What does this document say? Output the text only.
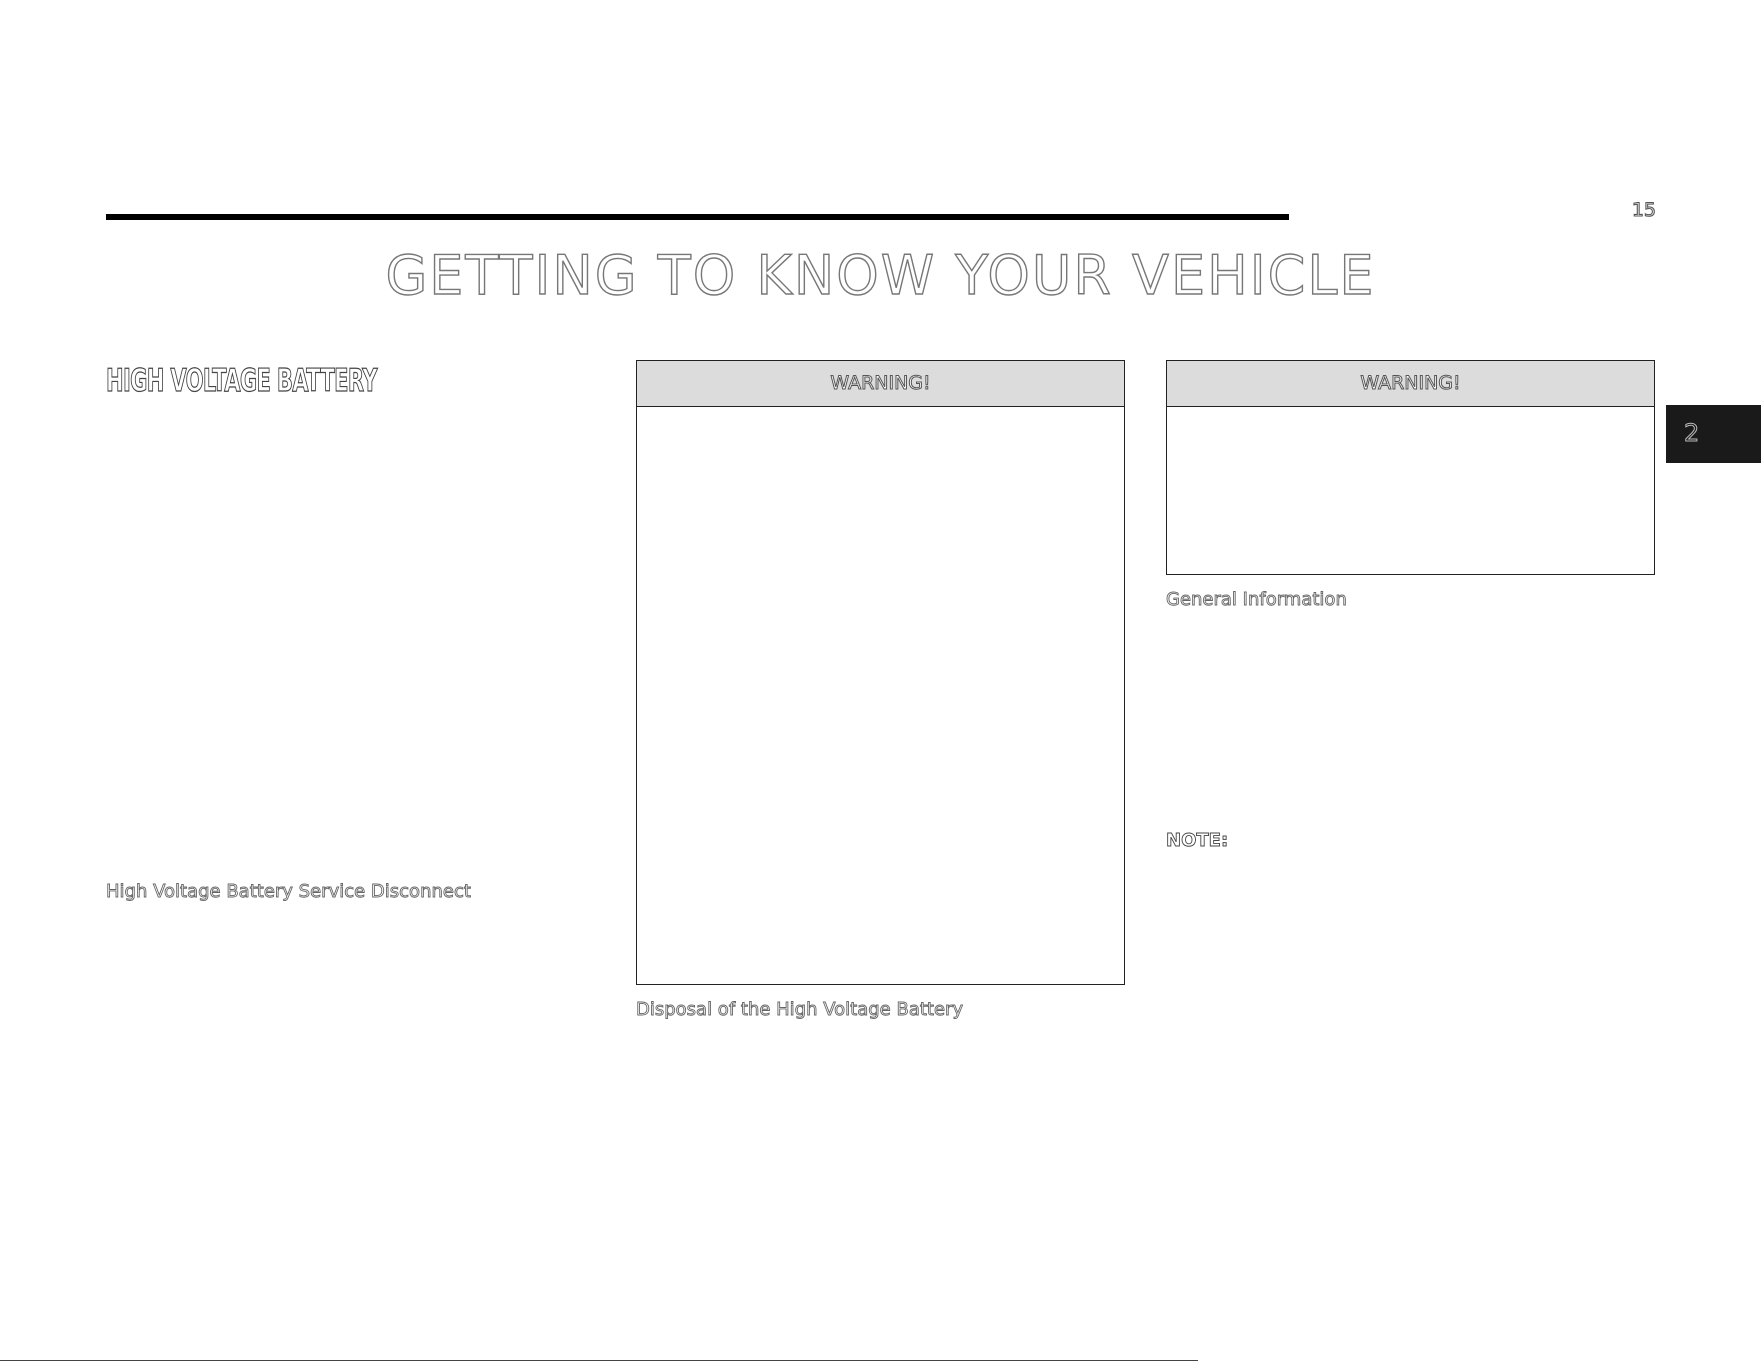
15
GETTING TO KNOW YOUR VEHICLE
HIGH VOLTAGE BATTERY
High Voltage Battery Service Disconnect
WARNING!
Disposal of the High Voltage Battery
WARNING!
General Information
NOTE:
2
